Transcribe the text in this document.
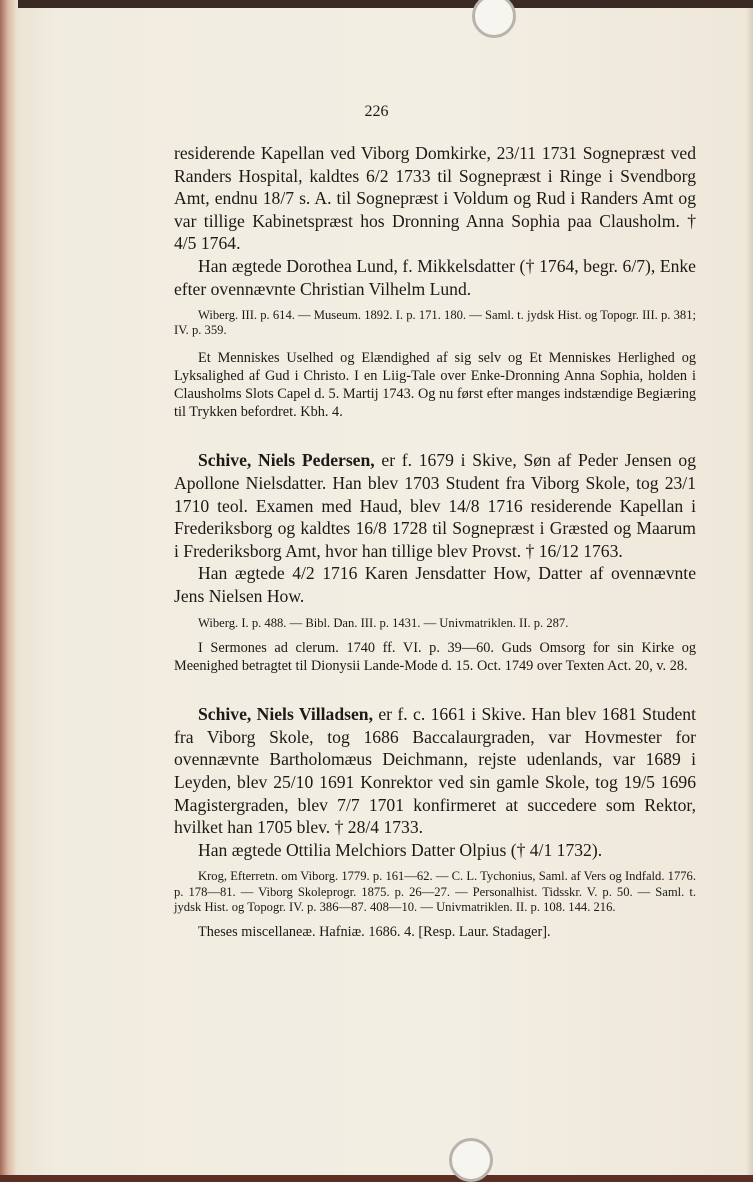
226

residerende Kapellan ved Viborg Domkirke, 23/11 1731 Sognepræst ved Randers Hospital, kaldtes 6/2 1733 til Sognepræst i Ringe i Svendborg Amt, endnu 18/7 s. A. til Sognepræst i Voldum og Rud i Randers Amt og var tillige Kabinetspræst hos Dronning Anna Sophia paa Clausholm. † 4/5 1764.

Han ægtede Dorothea Lund, f. Mikkelsdatter († 1764, begr. 6/7), Enke efter ovennævnte Christian Vilhelm Lund.

Wiberg. III. p. 614. — Museum. 1892. I. p. 171. 180. — Saml. t. jydsk Hist. og Topogr. III. p. 381; IV. p. 359.

Et Menniskes Uselhed og Elændighed af sig selv og Et Menniskes Herlighed og Lyksalighed af Gud i Christo. I en Liig-Tale over Enke-Dronning Anna Sophia, holden i Clausholms Slots Capel d. 5. Martij 1743. Og nu først efter manges indstændige Begiæring til Trykken befordret. Kbh. 4.

Schive, Niels Pedersen, er f. 1679 i Skive, Søn af Peder Jensen og Apollone Nielsdatter. Han blev 1703 Student fra Viborg Skole, tog 23/1 1710 teol. Examen med Haud, blev 14/8 1716 residerende Kapellan i Frederiksborg og kaldtes 16/8 1728 til Sognepræst i Græsted og Maarum i Frederiksborg Amt, hvor han tillige blev Provst. † 16/12 1763.

Han ægtede 4/2 1716 Karen Jensdatter How, Datter af ovennævnte Jens Nielsen How.

Wiberg. I. p. 488. — Bibl. Dan. III. p. 1431. — Univmatriklen. II. p. 287.

I Sermones ad clerum. 1740 ff. VI. p. 39—60. Guds Omsorg for sin Kirke og Meenighed betragtet til Dionysii Lande-Mode d. 15. Oct. 1749 over Texten Act. 20, v. 28.

Schive, Niels Villadsen, er f. c. 1661 i Skive. Han blev 1681 Student fra Viborg Skole, tog 1686 Baccalaurgraden, var Hovmester for ovennævnte Bartholomæus Deichmann, rejste udenlands, var 1689 i Leyden, blev 25/10 1691 Konrektor ved sin gamle Skole, tog 19/5 1696 Magistergraden, blev 7/7 1701 konfirmeret at succedere som Rektor, hvilket han 1705 blev. † 28/4 1733.

Han ægtede Ottilia Melchiors Datter Olpius († 4/1 1732).

Krog, Efterretn. om Viborg. 1779. p. 161—62. — C. L. Tychonius, Saml. af Vers og Indfald. 1776. p. 178—81. — Viborg Skoleprogr. 1875. p. 26—27. — Personalhist. Tidsskr. V. p. 50. — Saml. t. jydsk Hist. og Topogr. IV. p. 386—87. 408—10. — Univmatriklen. II. p. 108. 144. 216.

Theses miscellaneæ. Hafniæ. 1686. 4. [Resp. Laur. Stadager].
